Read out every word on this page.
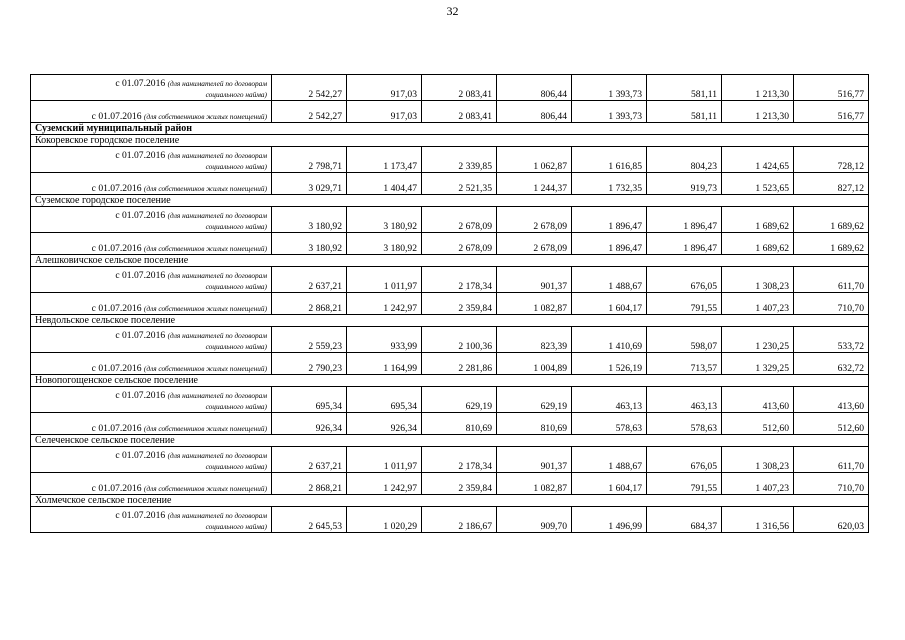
32
с 01.07.2016 (для нанимателей по договорам
социального найма)	2 542,27	917,03	2 083,41	806,44	1 393,73	581,11	1 213,30	516,77

с 01.07.2016 (для собственников жилых помещений)	2 542,27	917,03	2 083,41	806,44	1 393,73	581,11	1 213,30	516,77
Суземский муниципальный район								
Кокоревское городское поселение								

с 01.07.2016 (для нанимателей по договорам
социального найма)	2 798,71	1 173,47	2 339,85	1 062,87	1 616,85	804,23	1 424,65	728,12

с 01.07.2016 (для собственников жилых помещений)	3 029,71	1 404,47	2 521,35	1 244,37	1 732,35	919,73	1 523,65	827,12
Суземское городское поселение								

с 01.07.2016 (для нанимателей по договорам
социального найма)	3 180,92	3 180,92	2 678,09	2 678,09	1 896,47	1 896,47	1 689,62	1 689,62

с 01.07.2016 (для собственников жилых помещений)	3 180,92	3 180,92	2 678,09	2 678,09	1 896,47	1 896,47	1 689,62	1 689,62
Алешковичское сельское поселение								

с 01.07.2016 (для нанимателей по договорам
социального найма)	2 637,21	1 011,97	2 178,34	901,37	1 488,67	676,05	1 308,23	611,70

с 01.07.2016 (для собственников жилых помещений)	2 868,21	1 242,97	2 359,84	1 082,87	1 604,17	791,55	1 407,23	710,70
Невдольское сельское поселение								

с 01.07.2016 (для нанимателей по договорам
социального найма)	2 559,23	933,99	2 100,36	823,39	1 410,69	598,07	1 230,25	533,72

с 01.07.2016 (для собственников жилых помещений)	2 790,23	1 164,99	2 281,86	1 004,89	1 526,19	713,57	1 329,25	632,72
Новопогощенское сельское поселение								

с 01.07.2016 (для нанимателей по договорам
социального найма)	695,34	695,34	629,19	629,19	463,13	463,13	413,60	413,60

с 01.07.2016 (для собственников жилых помещений)	926,34	926,34	810,69	810,69	578,63	578,63	512,60	512,60
Селеченское сельское поселение								

с 01.07.2016 (для нанимателей по договорам
социального найма)	2 637,21	1 011,97	2 178,34	901,37	1 488,67	676,05	1 308,23	611,70

с 01.07.2016 (для собственников жилых помещений)	2 868,21	1 242,97	2 359,84	1 082,87	1 604,17	791,55	1 407,23	710,70
Холмечское сельское поселение								

с 01.07.2016 (для нанимателей по договорам
социального найма)	2 645,53	1 020,29	2 186,67	909,70	1 496,99	684,37	1 316,56	620,03
